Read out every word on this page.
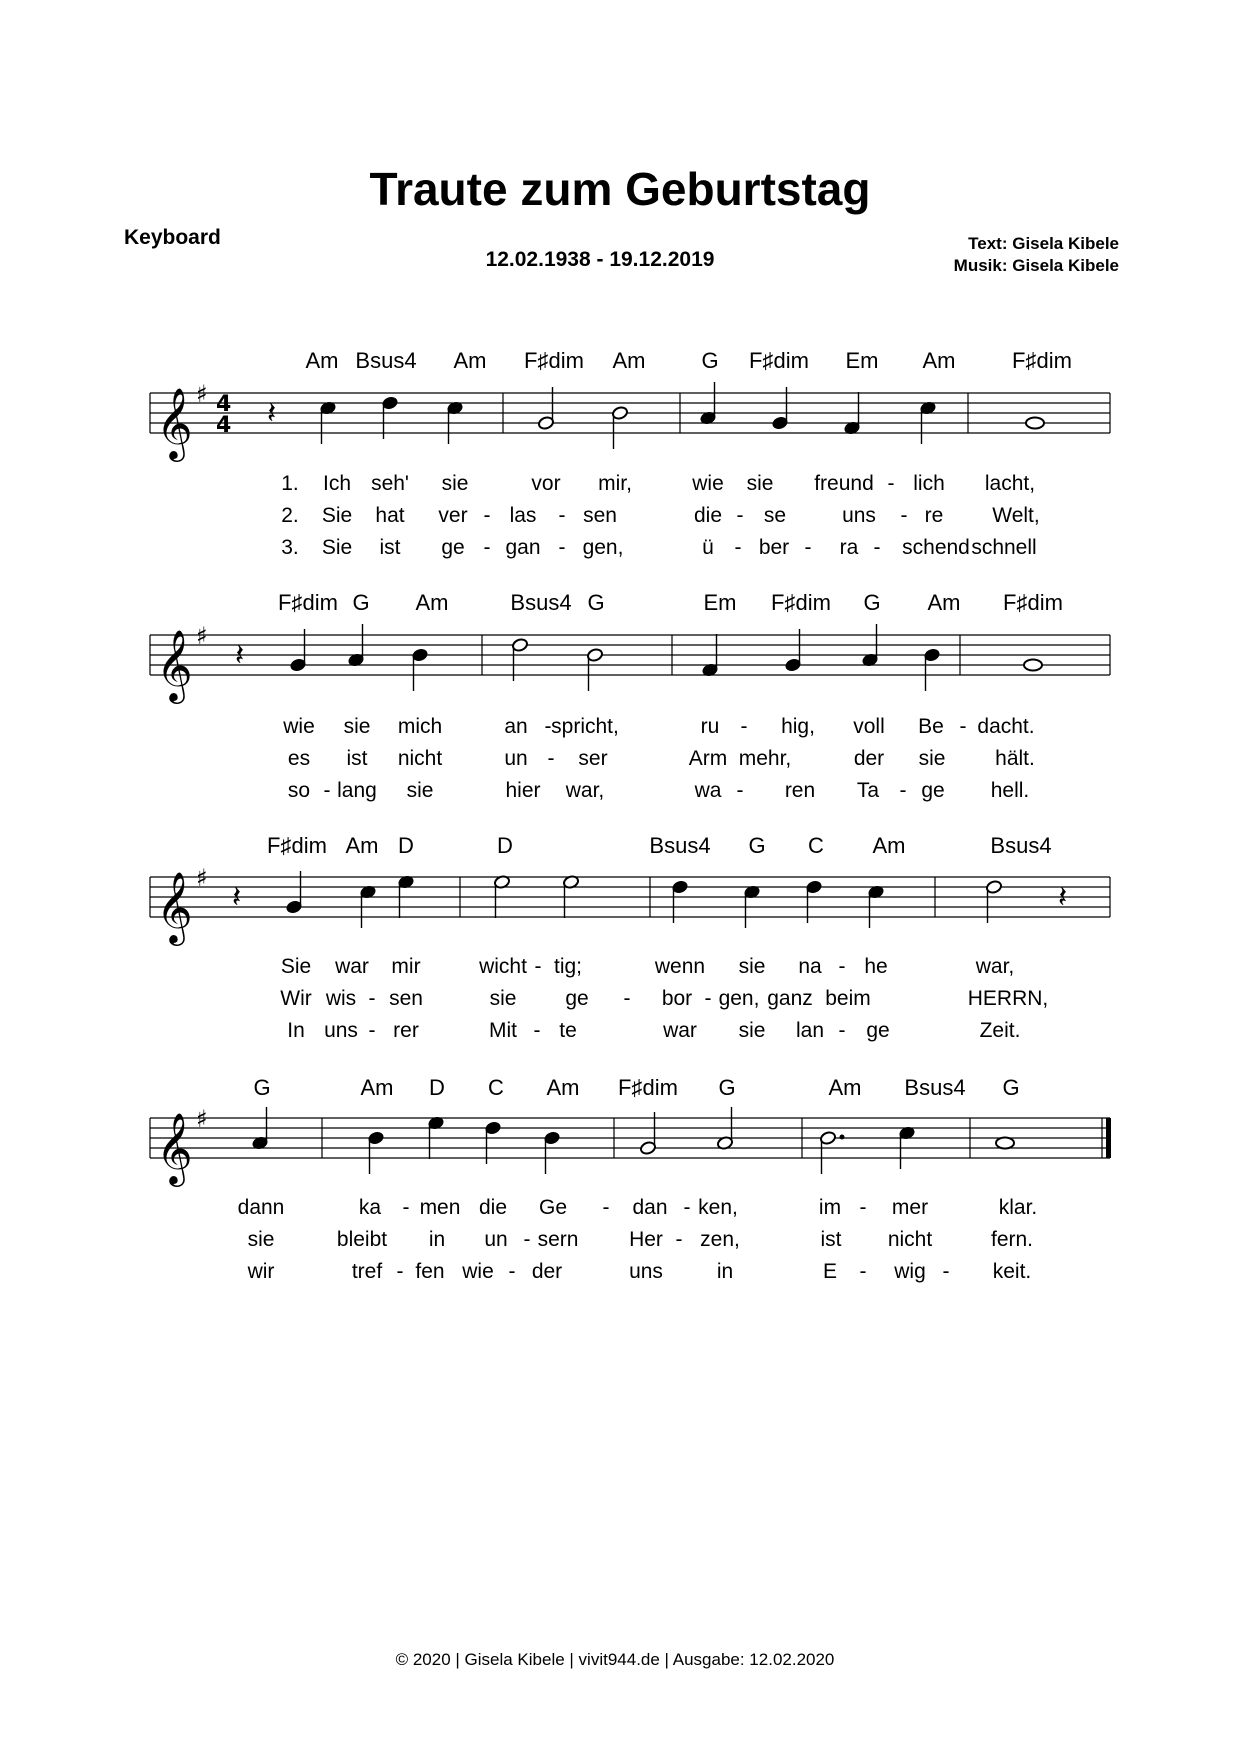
Traute zum Geburtstag
Keyboard
12.02.1938 - 19.12.2019
Text: Gisela Kibele
Musik: Gisela Kibele
𝄞 ♯ 4
4 𝄽
Am Bsus4 Am F♯dim Am	G F♯dim Em Am	F♯dim
1. Ich seh' sie	vor mir,	wie sie freund - lich lacht,
2. Sie hat ver - las - sen	die - se	uns - re Welt,
3. Sie ist ge - gan - gen,	ü - ber - ra - schend schnell
𝄞 ♯
𝄽
F♯dim G Am	Bsus4 G	Em F♯dim G Am F♯dim
wie sie mich	an - spricht,	ru - hig, voll Be - dacht.
es ist nicht	un - ser	Arm mehr,	der sie hält.
so - lang sie	hier war,	wa - ren Ta - ge hell.
𝄞 ♯
𝄽	𝄽
F♯dim Am D	D	Bsus4 G C Am	Bsus4
Sie war mir	wicht - tig;	wenn sie na - he	war,
Wir wis - sen	sie ge - bor - gen, ganz beim	HERRN,
In uns - rer	Mit - te	war sie lan - ge	Zeit.
𝄞 ♯
G	Am D C Am F♯dim G	Am Bsus4 G
dann	ka - men die Ge - dan - ken,	im - mer	klar.
sie	bleibt in un - sern Her - zen,	ist nicht	fern.
wir	tref - fen wie - der	uns	in	E - wig - keit.
© 2020 | Gisela Kibele | vivit944.de | Ausgabe: 12.02.2020
